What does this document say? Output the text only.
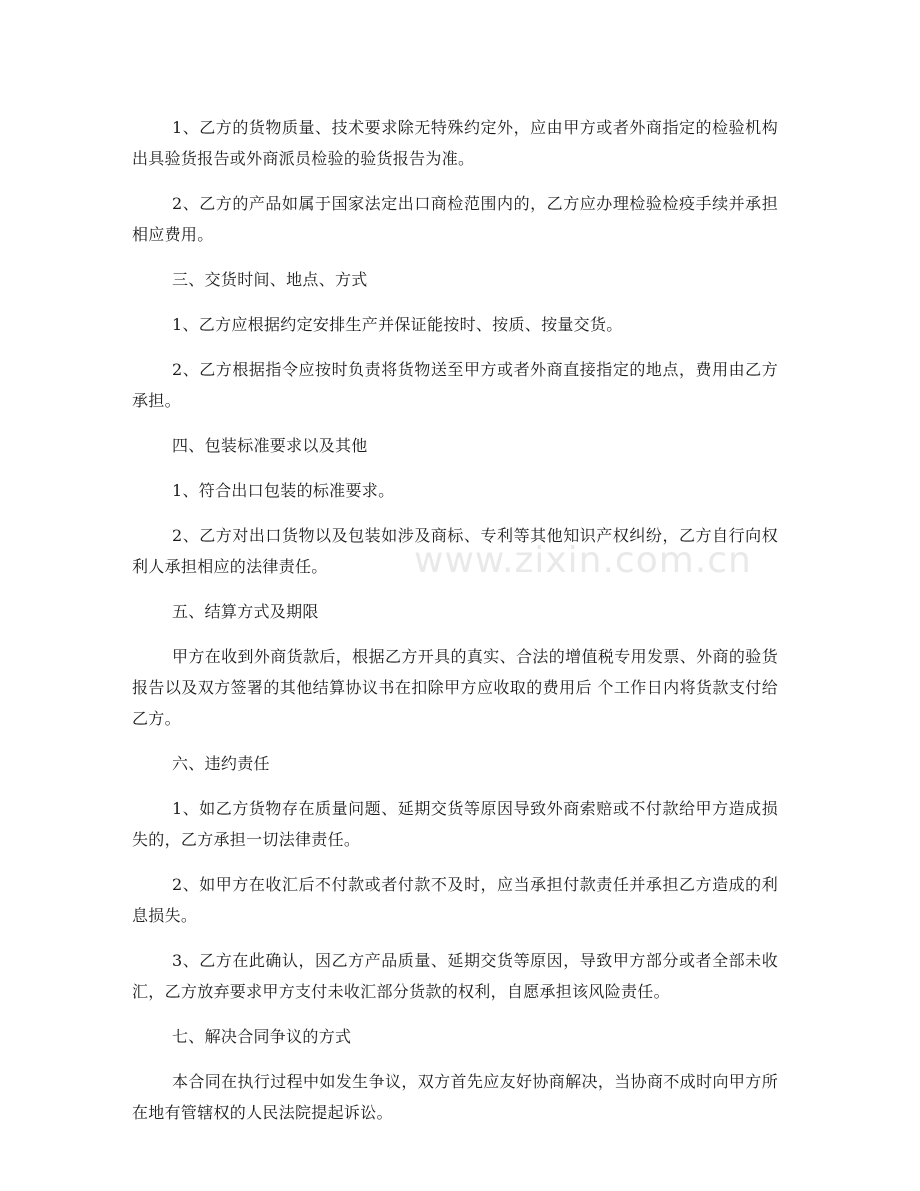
www.zixin.com.cn

1、乙方的货物质量、技术要求除无特殊约定外，应由甲方或者外商指定的检验机构出具验货报告或外商派员检验的验货报告为准。

2、乙方的产品如属于国家法定出口商检范围内的，乙方应办理检验检疫手续并承担相应费用。

三、交货时间、地点、方式

1、乙方应根据约定安排生产并保证能按时、按质、按量交货。

2、乙方根据指令应按时负责将货物送至甲方或者外商直接指定的地点，费用由乙方承担。

四、包装标准要求以及其他

1、符合出口包装的标准要求。

2、乙方对出口货物以及包装如涉及商标、专利等其他知识产权纠纷，乙方自行向权利人承担相应的法律责任。

五、结算方式及期限

甲方在收到外商货款后，根据乙方开具的真实、合法的增值税专用发票、外商的验货报告以及双方签署的其他结算协议书在扣除甲方应收取的费用后 个工作日内将货款支付给乙方。

六、违约责任

1、如乙方货物存在质量问题、延期交货等原因导致外商索赔或不付款给甲方造成损失的，乙方承担一切法律责任。

2、如甲方在收汇后不付款或者付款不及时，应当承担付款责任并承担乙方造成的利息损失。

3、乙方在此确认，因乙方产品质量、延期交货等原因，导致甲方部分或者全部未收汇，乙方放弃要求甲方支付未收汇部分货款的权利，自愿承担该风险责任。

七、解决合同争议的方式

本合同在执行过程中如发生争议，双方首先应友好协商解决，当协商不成时向甲方所在地有管辖权的人民法院提起诉讼。
